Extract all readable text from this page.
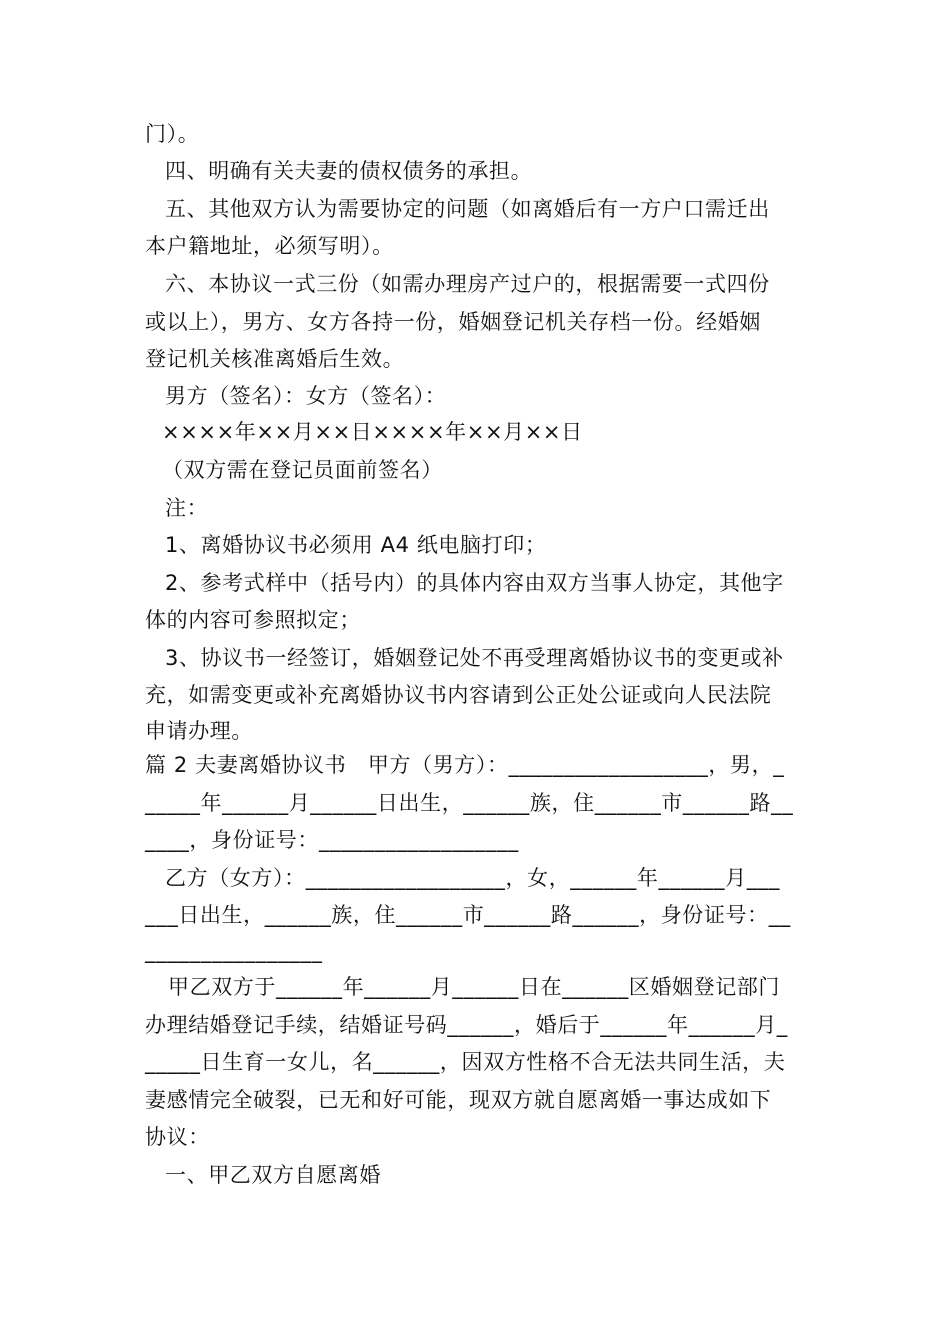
门）。
四、明确有关夫妻的债权债务的承担。
五、其他双方认为需要协定的问题（如离婚后有一方户口需迁出
本户籍地址，必须写明）。
六、本协议一式三份（如需办理房产过户的，根据需要一式四份
或以上），男方、女方各持一份，婚姻登记机关存档一份。经婚姻
登记机关核准离婚后生效。
男方（签名）：女方（签名）：
××××年××月××日××××年××月××日
（双方需在登记员面前签名）
注：
1、离婚协议书必须用 A4 纸电脑打印；
2、参考式样中（括号内）的具体内容由双方当事人协定，其他字
体的内容可参照拟定；
3、协议书一经签订，婚姻登记处不再受理离婚协议书的变更或补
充，如需变更或补充离婚协议书内容请到公正处公证或向人民法院
申请办理。
篇 2 夫妻离婚协议书　甲方（男方）：__________________，男，_
_____年______月______日出生，______族，住______市______路__
____，身份证号：__________________
乙方（女方）：__________________，女，______年______月___
___日出生，______族，住______市______路______，身份证号：__
________________
甲乙双方于______年______月______日在______区婚姻登记部门
办理结婚登记手续，结婚证号码______，婚后于______年______月_
_____日生育一女儿，名______，因双方性格不合无法共同生活，夫
妻感情完全破裂，已无和好可能，现双方就自愿离婚一事达成如下
协议：
一、甲乙双方自愿离婚
